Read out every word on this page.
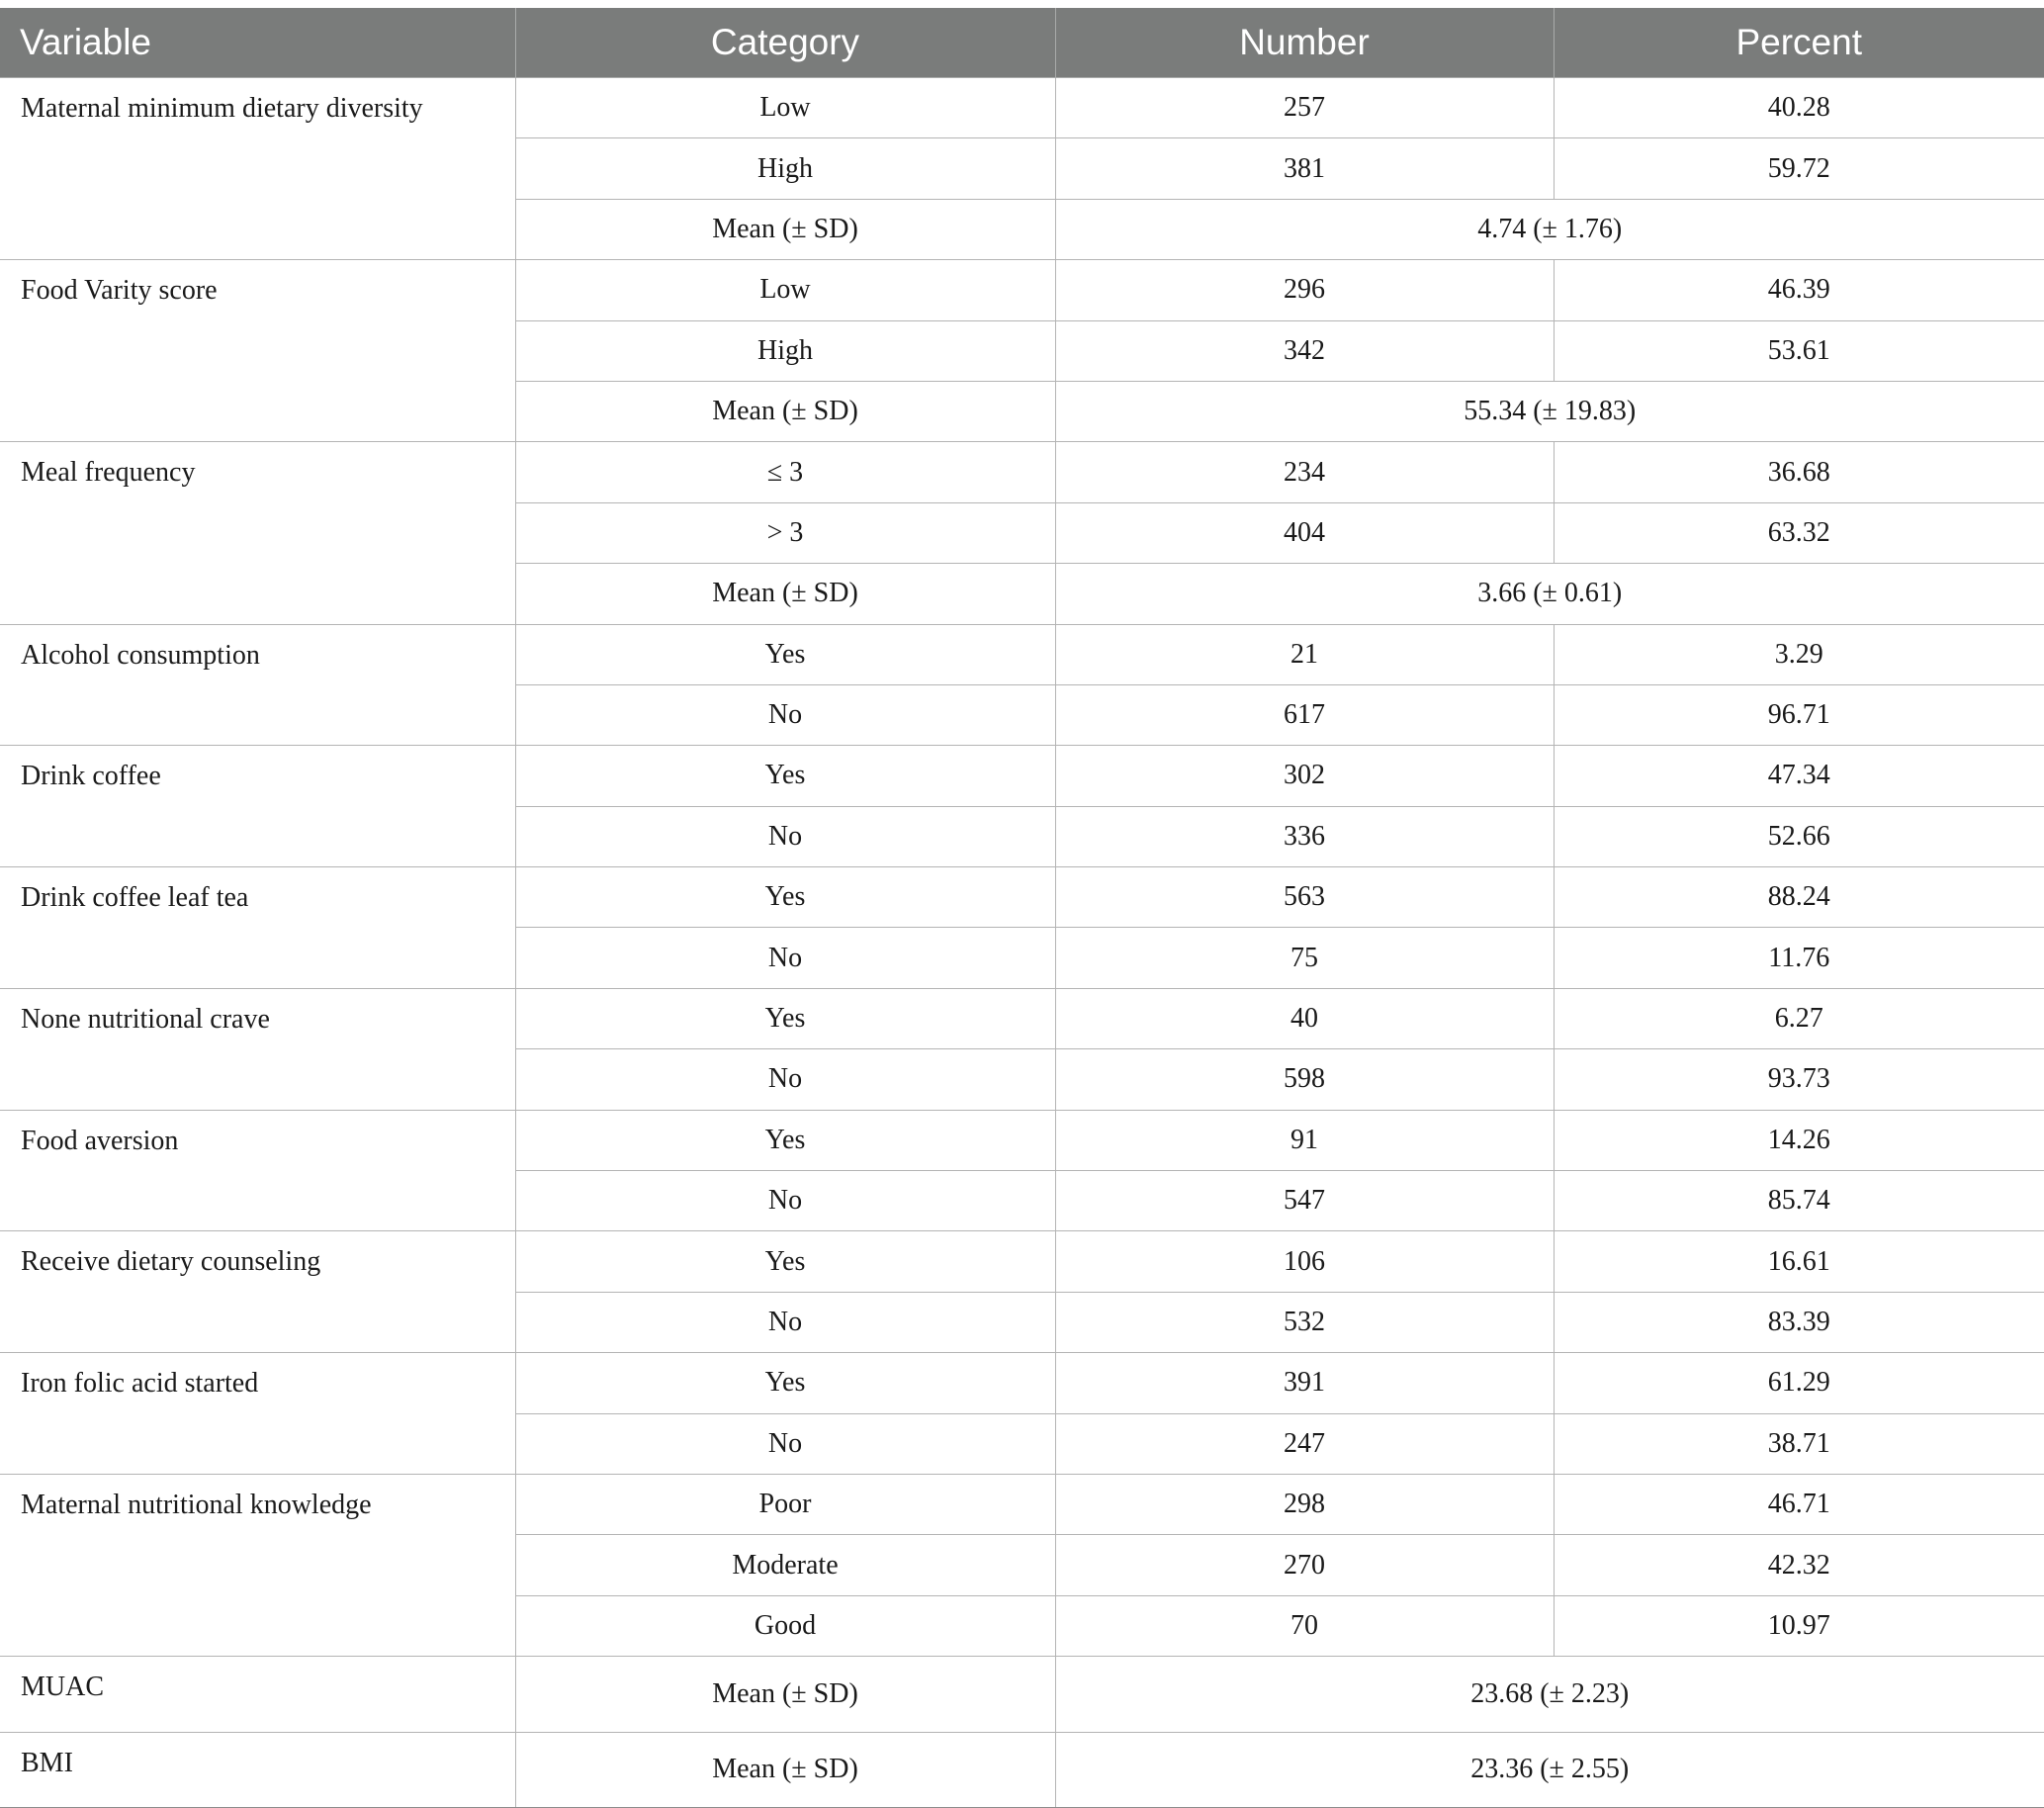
Variable	Category	Number	Percent
Maternal minimum dietary diversity	Low	257	40.28
	High	381	59.72
	Mean (± SD)	4.74 (± 1.76)	
Food Varity score	Low	296	46.39
	High	342	53.61
	Mean (± SD)	55.34 (± 19.83)	
Meal frequency	≤ 3	234	36.68
	> 3	404	63.32
	Mean (± SD)	3.66 (± 0.61)	
Alcohol consumption	Yes	21	3.29
	No	617	96.71
Drink coffee	Yes	302	47.34
	No	336	52.66
Drink coffee leaf tea	Yes	563	88.24
	No	75	11.76
None nutritional crave	Yes	40	6.27
	No	598	93.73
Food aversion	Yes	91	14.26
	No	547	85.74
Receive dietary counseling	Yes	106	16.61
	No	532	83.39
Iron folic acid started	Yes	391	61.29
	No	247	38.71
Maternal nutritional knowledge	Poor	298	46.71
	Moderate	270	42.32
	Good	70	10.97
MUAC	Mean (± SD)	23.68 (± 2.23)	
BMI	Mean (± SD)	23.36 (± 2.55)	
